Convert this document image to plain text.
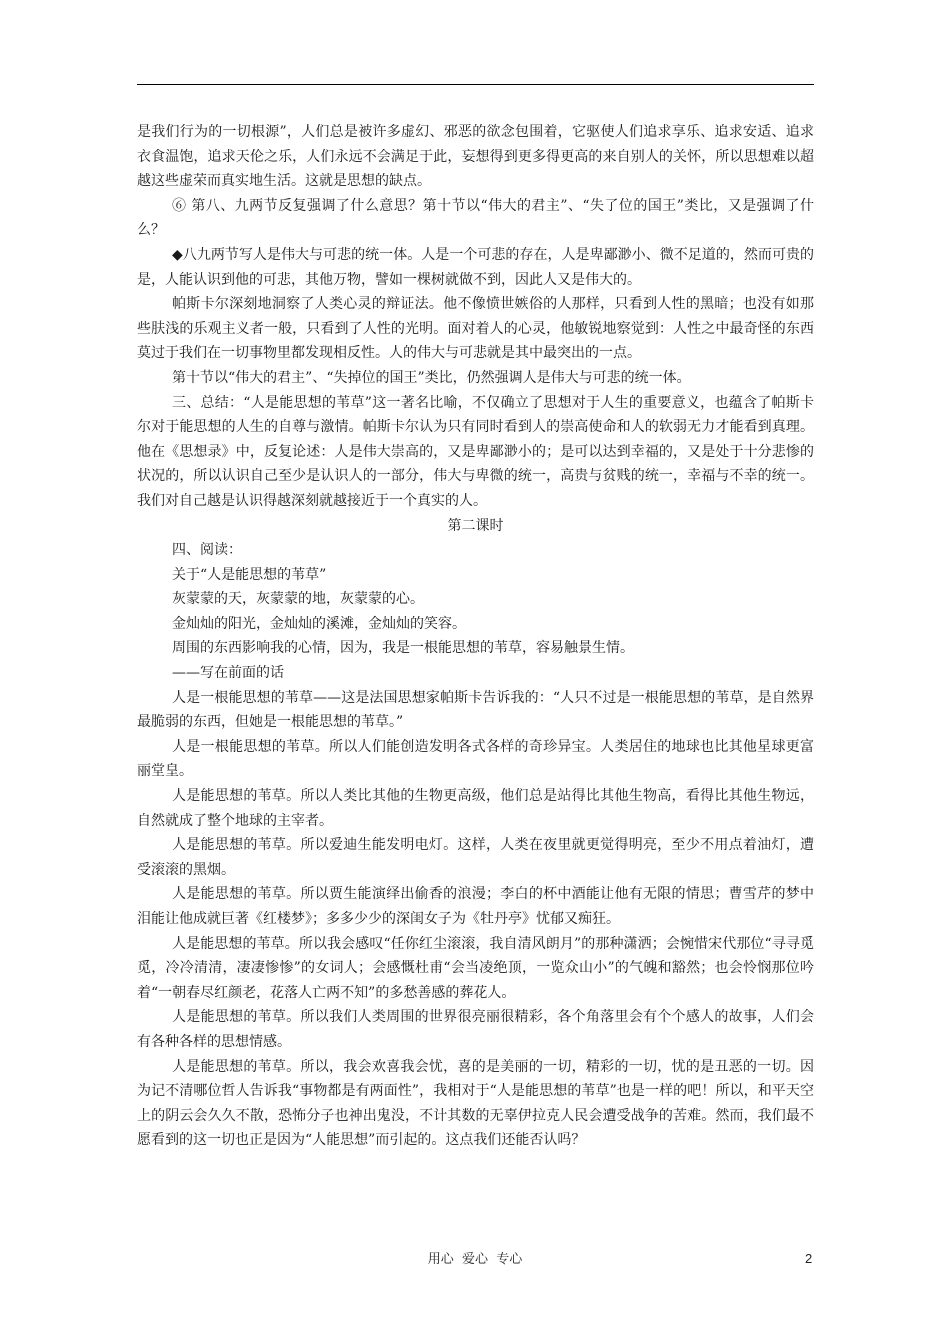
是我们行为的一切根源”，人们总是被许多虚幻、邪恶的欲念包围着，它驱使人们追求享乐、追求安适、追求衣食温饱，追求天伦之乐，人们永远不会满足于此，妄想得到更多得更高的来自别人的关怀，所以思想难以超越这些虚荣而真实地生活。这就是思想的缺点。

⑥ 第八、九两节反复强调了什么意思？第十节以“伟大的君主”、“失了位的国王”类比，又是强调了什么？

◆八九两节写人是伟大与可悲的统一体。人是一个可悲的存在，人是卑鄙渺小、微不足道的，然而可贵的是，人能认识到他的可悲，其他万物，譬如一棵树就做不到，因此人又是伟大的。

帕斯卡尔深刻地洞察了人类心灵的辩证法。他不像愤世嫉俗的人那样，只看到人性的黑暗；也没有如那些肤浅的乐观主义者一般，只看到了人性的光明。面对着人的心灵，他敏锐地察觉到：人性之中最奇怪的东西莫过于我们在一切事物里都发现相反性。人的伟大与可悲就是其中最突出的一点。

第十节以“伟大的君主”、“失掉位的国王”类比，仍然强调人是伟大与可悲的统一体。

三、总结：“人是能思想的苇草”这一著名比喻，不仅确立了思想对于人生的重要意义，也蕴含了帕斯卡尔对于能思想的人生的自尊与激情。帕斯卡尔认为只有同时看到人的崇高使命和人的软弱无力才能看到真理。他在《思想录》中，反复论述：人是伟大崇高的，又是卑鄙渺小的；是可以达到幸福的，又是处于十分悲惨的状况的，所以认识自己至少是认识人的一部分，伟大与卑微的统一，高贵与贫贱的统一，幸福与不幸的统一。我们对自己越是认识得越深刻就越接近于一个真实的人。

第二课时

四、阅读：

关于“人是能思想的苇草”

灰蒙蒙的天，灰蒙蒙的地，灰蒙蒙的心。

金灿灿的阳光，金灿灿的溪滩，金灿灿的笑容。

周围的东西影响我的心情，因为，我是一根能思想的苇草，容易触景生情。

——写在前面的话

人是一根能思想的苇草——这是法国思想家帕斯卡告诉我的：“人只不过是一根能思想的苇草，是自然界最脆弱的东西，但她是一根能思想的苇草。”

人是一根能思想的苇草。所以人们能创造发明各式各样的奇珍异宝。人类居住的地球也比其他星球更富丽堂皇。

人是能思想的苇草。所以人类比其他的生物更高级，他们总是站得比其他生物高，看得比其他生物远，自然就成了整个地球的主宰者。

人是能思想的苇草。所以爱迪生能发明电灯。这样，人类在夜里就更觉得明亮，至少不用点着油灯，遭受滚滚的黑烟。

人是能思想的苇草。所以贾生能演绎出偷香的浪漫；李白的杯中酒能让他有无限的情思；曹雪芹的梦中泪能让他成就巨著《红楼梦》；多多少少的深闺女子为《牡丹亭》忧郁又痴狂。

人是能思想的苇草。所以我会感叹“任你红尘滚滚，我自清风朗月”的那种潇洒；会惋惜宋代那位“寻寻觅觅，冷冷清清，凄凄惨惨”的女词人；会感慨杜甫“会当凌绝顶，一览众山小”的气魄和豁然；也会怜悯那位吟着“一朝春尽红颜老，花落人亡两不知”的多愁善感的葬花人。

人是能思想的苇草。所以我们人类周围的世界很亮丽很精彩，各个角落里会有个个感人的故事，人们会有各种各样的思想情感。

人是能思想的苇草。所以，我会欢喜我会忧，喜的是美丽的一切，精彩的一切，忧的是丑恶的一切。因为记不清哪位哲人告诉我“事物都是有两面性”，我相对于“人是能思想的苇草”也是一样的吧！所以，和平天空上的阴云会久久不散，恐怖分子也神出鬼没，不计其数的无辜伊拉克人民会遭受战争的苦难。然而，我们最不愿看到的这一切也正是因为“人能思想”而引起的。这点我们还能否认吗？

用心  爱心  专心	2
